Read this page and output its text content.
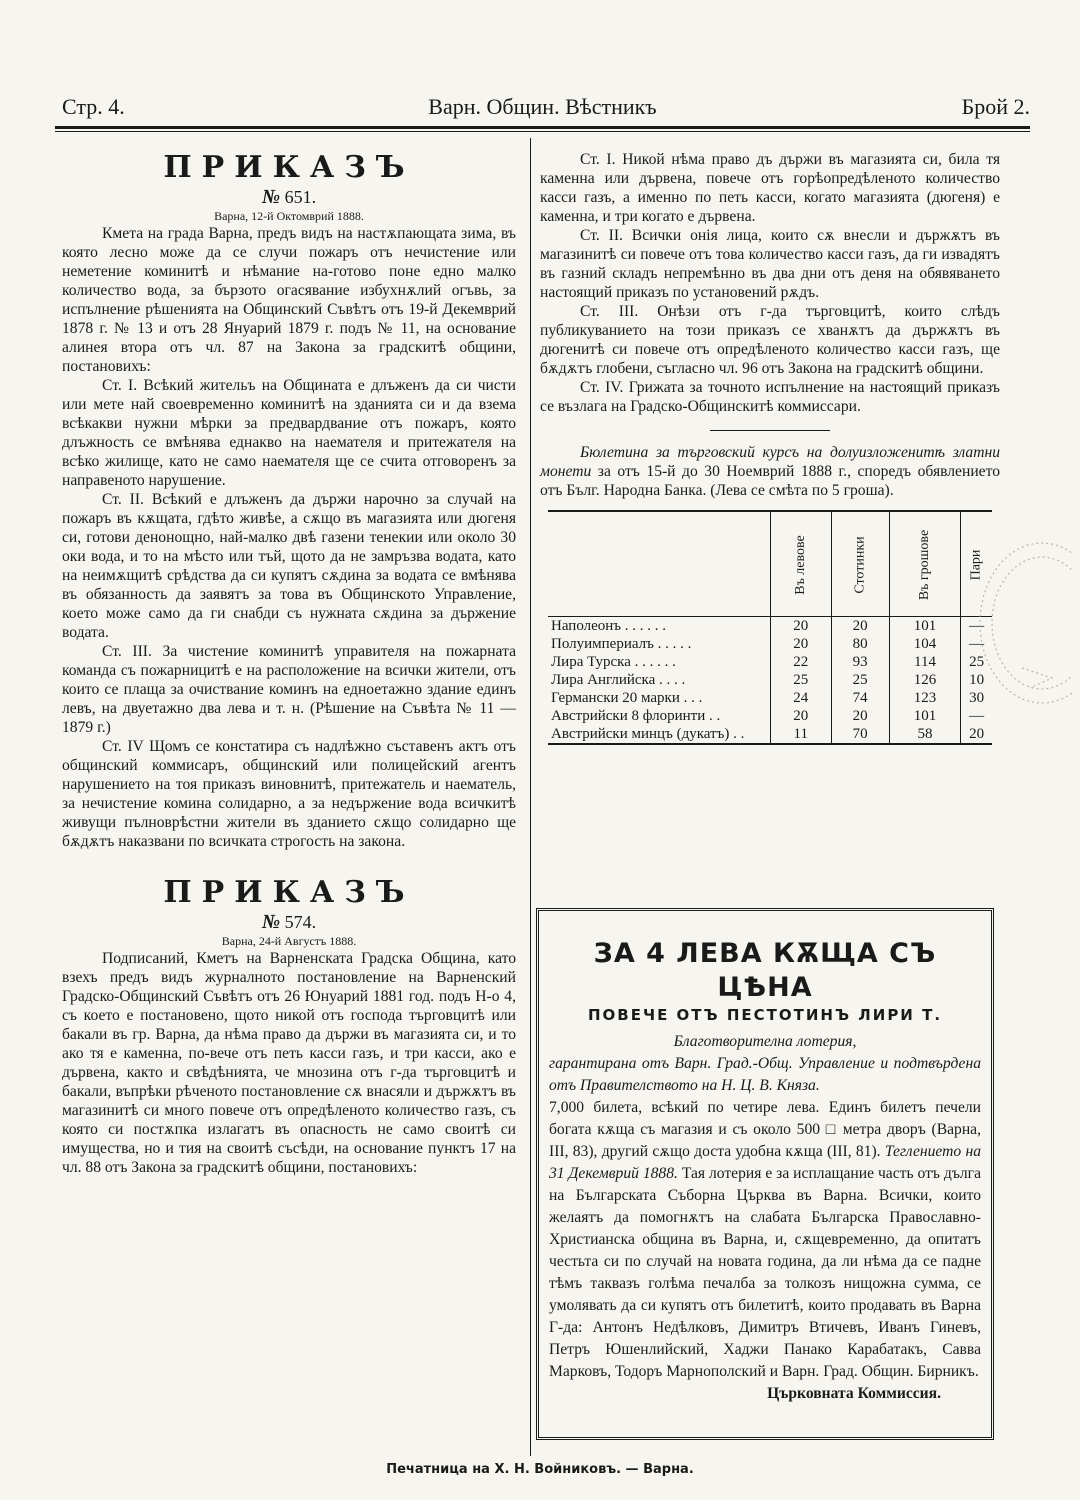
Стр. 4.	Варн. Общин. Вѣстникъ	Брой 2.

ПРИКАЗЪ

№ 651.

Варна, 12-й Октомврий 1888.

Кмета на града Варна, предъ видъ на настѫпающата зима, въ която лесно може да се случи пожаръ отъ нечистение или неметение коминитѣ и нѣмание на-готово поне едно малко количество вода, за бързото огасявание избухнѫлий огъвь, за испълнение рѣшенията на Общинский Съвѣтъ отъ 19-й Декемврий 1878 г. № 13 и отъ 28 Януарий 1879 г. подъ № 11, на основание алинея втора отъ чл. 87 на Закона за градскитѣ общини, постановихъ:

Ст. І. Всѣкий жительъ на Общината е длъженъ да си чисти или мете най своевременно коминитѣ на зданията си и да взема всѣкакви нужни мѣрки за предвардвание отъ пожаръ, която длъжность се вмѣнява еднакво на наемателя и притежателя на всѣко жилище, като не само наемателя ще се счита отговоренъ за направеното нарушение.

Ст. II. Всѣкий е длъженъ да държи нарочно за случай на пожаръ въ кѫщата, гдѣто живѣе, а сѫщо въ магазията или дюгеня си, готови денонощно, най-малко двѣ газени тенекии или около 30 оки вода, и то на мѣсто или тъй, щото да не замръзва водата, като на неимѫщитѣ срѣдства да си купятъ сѫдина за водата се вмѣнява въ обязанность да заявятъ за това въ Общинското Управление, което може само да ги снабди съ нужната сѫдина за държение водата.

Ст. III. За чистение коминитѣ управителя на пожарната команда съ пожарницитѣ е на расположение на всички жители, отъ които се плаща за очиствание коминъ на едноетажно здание единъ левъ, на двуетажно два лева и т. н. (Рѣшение на Съвѣта № 11 —1879 г.)

Ст. IV Щомъ се констатира съ надлѣжно съставенъ актъ отъ общинский коммисаръ, общинский или полицейский агентъ нарушението на тоя приказъ виновнитѣ, притежатель и наематель, за нечистение комина солидарно, а за недържение вода всичкитѣ живущи пълноврѣстни жители въ зданието сѫщо солидарно ще бѫдѫтъ наказвани по всичката строгость на закона.

ПРИКАЗЪ

№ 574.

Варна, 24-й Августъ 1888.

Подписаний, Кметъ на Варненската Градска Община, като взехъ предъ видъ журналното постановление на Варненский Градско-Общинский Съвѣтъ отъ 26 Юнуарий 1881 год. подъ Н-о 4, съ което е постановено, щото никой отъ господа търговцитѣ или бакали въ гр. Варна, да нѣма право да държи въ магазията си, и то ако тя е каменна, по-вече отъ петь касси газъ, и три касси, ако е дървена, както и свѣдѣнията, че мнозина отъ г-да търговцитѣ и бакали, въпрѣки рѣченото постановление сѫ внасяли и държѫтъ въ магазинитѣ си много повече отъ опредѣленото количество газъ, съ която си постѫпка излагатъ въ опасность не само своитѣ си имущества, но и тия на своитѣ съсѣди, на основание пунктъ 17 на чл. 88 отъ Закона за градскитѣ общини, постановихъ:

Ст. І. Никой нѣма право дъ държи въ магазията си, била тя каменна или дървена, повече отъ горѣопредѣленото количество касси газъ, а именно по петь касси, когато магазията (дюгеня) е каменна, и три когато е дървена.

Ст. II. Всички онія лица, които сѫ внесли и държѫтъ въ магазинитѣ си повече отъ това количество касси газъ, да ги извадятъ въ газний складъ непремѣнно въ два дни отъ деня на обявяването настоящий приказъ по установений рѫдъ.

Ст. III. Онѣзи отъ г-да търговцитѣ, които слѣдъ публикуванието на този приказъ се хванѫтъ да държѫтъ въ дюгенитѣ си повече отъ опредѣленото количество касси газъ, ще бѫдѫтъ глобени, съгласно чл. 96 отъ Закона на градскитѣ общини.

Ст. IV. Грижата за точното испълнение на настоящий приказъ се възлага на Градско-Общинскитѣ коммиссари.

Бюлетина за търговский курсъ на долуизложенитѣ златни монети за отъ 15-й до 30 Ноемврий 1888 г., споредъ обявлението отъ Бълг. Народна Банка. (Лева се смѣта по 5 гроша).

	Въ левове	Стотинки	Въ грошове	Пари
Наполеонъ . . . . . .	20	20	101	—
Полуимпериалъ . . . . .	20	80	104	—
Лира Турска . . . . . .	22	93	114	25
Лира Английска . . . .	25	25	126	10
Германски 20 марки . . .	24	74	123	30
Австрийски 8 флоринти . .	20	20	101	—
Австрийски минцъ (дукатъ) . .	11	70	58	20

ЗА 4 ЛЕВА КѪЩА СЪ ЦѢНА

ПОВЕЧЕ ОТЪ ПЕСТОТИНЪ ЛИРИ Т.

Благотворителна лотерия,

гарантирана отъ Варн. Град.-Общ. Управление и подтвърдена отъ Правителството на Н. Ц. В. Княза.

7,000 билета, всѣкий по четире лева. Единъ билетъ печели богата кѫща съ магазия и съ около 500 □ метра дворъ (Варна, III, 83), другий сѫщо доста удобна кѫща (III, 81). Теглението на 31 Декемврий 1888. Тая лотерия е за исплащание часть отъ дълга на Българската Съборна Църква въ Варна. Всички, които желаятъ да помогнѫтъ на слабата Българска Православно-Христианска община въ Варна, и, сѫщевременно, да опитатъ честьта си по случай на новата година, да ли нѣма да се падне тѣмъ таквазъ голѣма печалба за толкозъ нищожна сумма, се умолявать да си купятъ отъ билетитѣ, които продавать въ Варна Г-да: Антонъ Недѣлковъ, Димитръ Втичевъ, Иванъ Гиневъ, Петръ Юшенлийский, Хаджи Панако Карабатакъ, Савва Марковъ, Тодоръ Марнополский и Варн. Град. Общин. Бирникъ.

Църковната Коммиссия.

Печатница на Х. Н. Войниковъ. — Варна.
